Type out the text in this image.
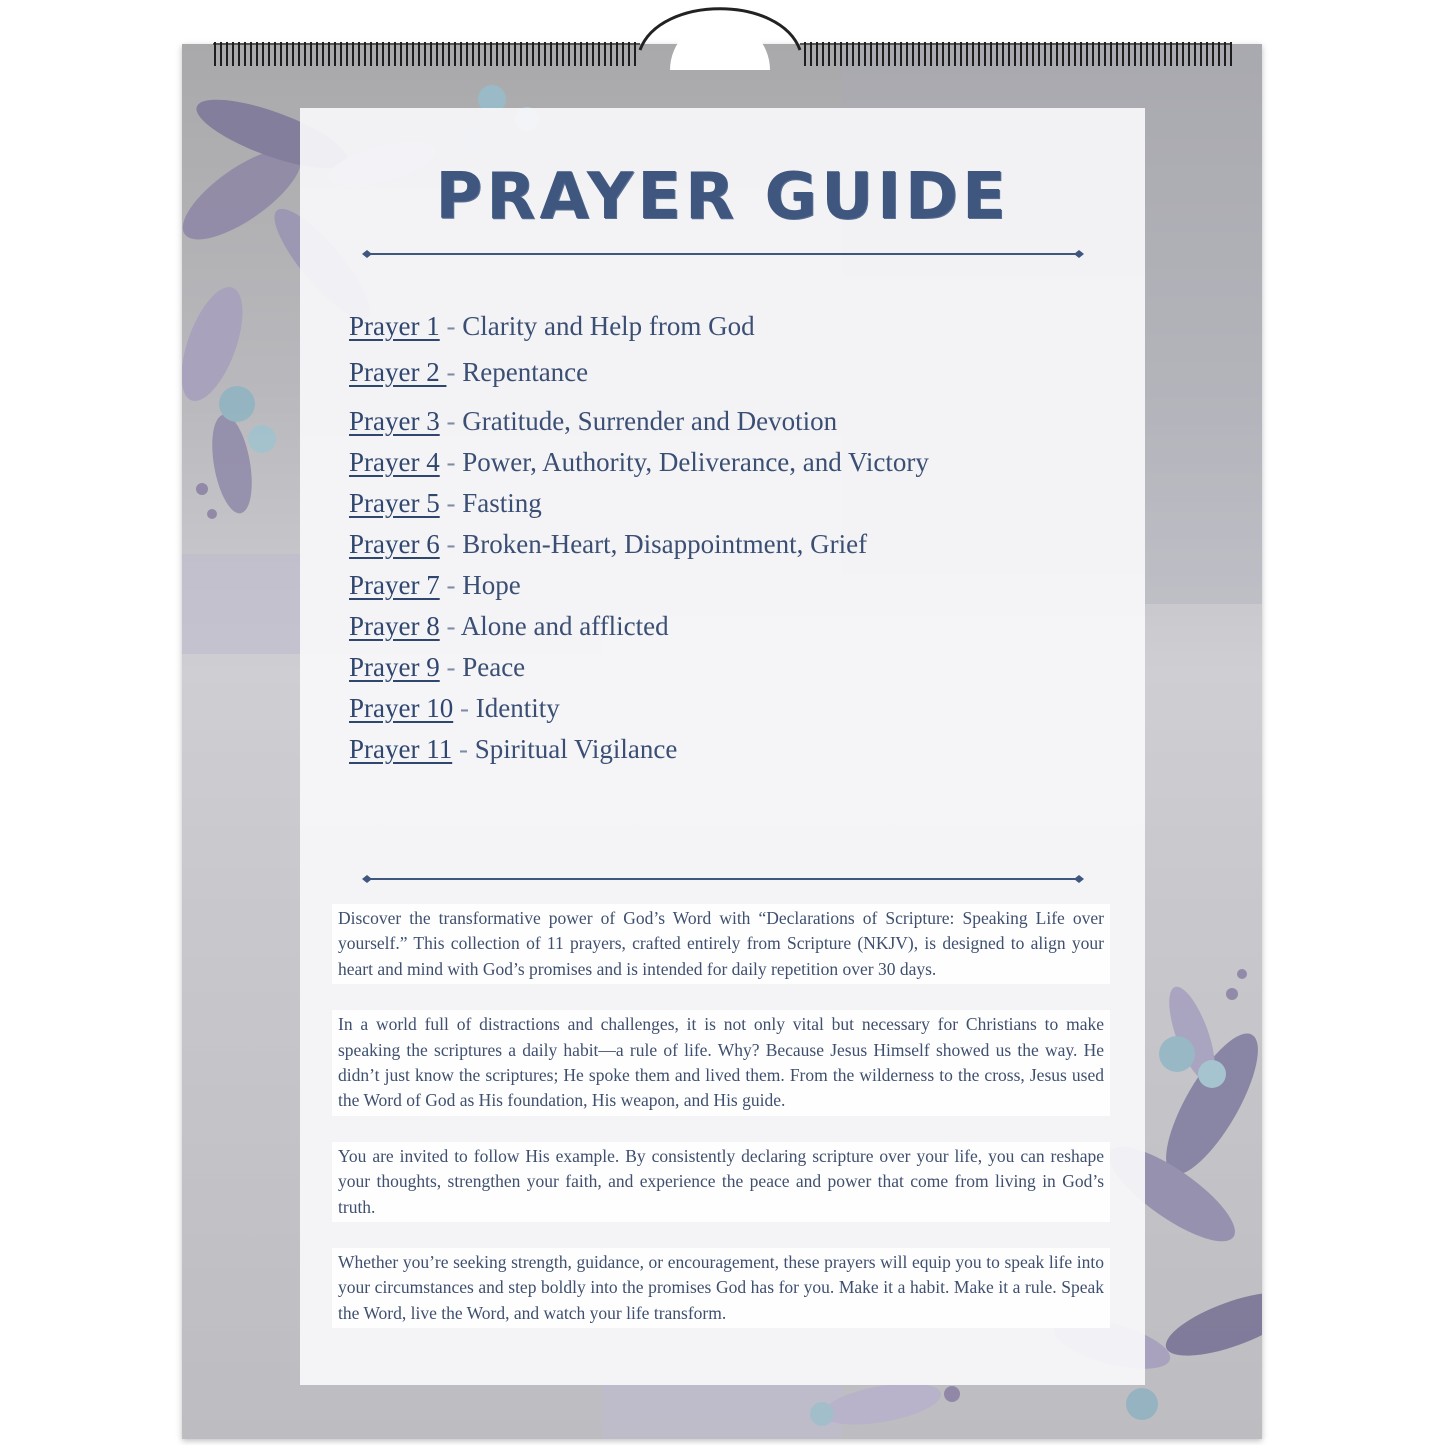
PRAYER GUIDE
Prayer 1 - Clarity and Help from God
Prayer 2 - Repentance
Prayer 3 - Gratitude, Surrender and Devotion
Prayer 4 - Power, Authority, Deliverance, and Victory
Prayer 5 - Fasting
Prayer 6 - Broken-Heart, Disappointment, Grief
Prayer 7 - Hope
Prayer 8 - Alone and afflicted
Prayer 9 - Peace
Prayer 10 - Identity
Prayer 11 - Spiritual Vigilance

Discover the transformative power of God’s Word with “Declarations of Scripture: Speaking Life over yourself.” This collection of 11 prayers, crafted entirely from Scripture (NKJV), is designed to align your heart and mind with God’s promises and is intended for daily repetition over 30 days.

In a world full of distractions and challenges, it is not only vital but necessary for Christians to make speaking the scriptures a daily habit—a rule of life. Why? Because Jesus Himself showed us the way. He didn’t just know the scriptures; He spoke them and lived them. From the wilderness to the cross, Jesus used the Word of God as His foundation, His weapon, and His guide.

You are invited to follow His example. By consistently declaring scripture over your life, you can reshape your thoughts, strengthen your faith, and experience the peace and power that come from living in God’s truth.

Whether you’re seeking strength, guidance, or encouragement, these prayers will equip you to speak life into your circumstances and step boldly into the promises God has for you. Make it a habit. Make it a rule. Speak the Word, live the Word, and watch your life transform.
